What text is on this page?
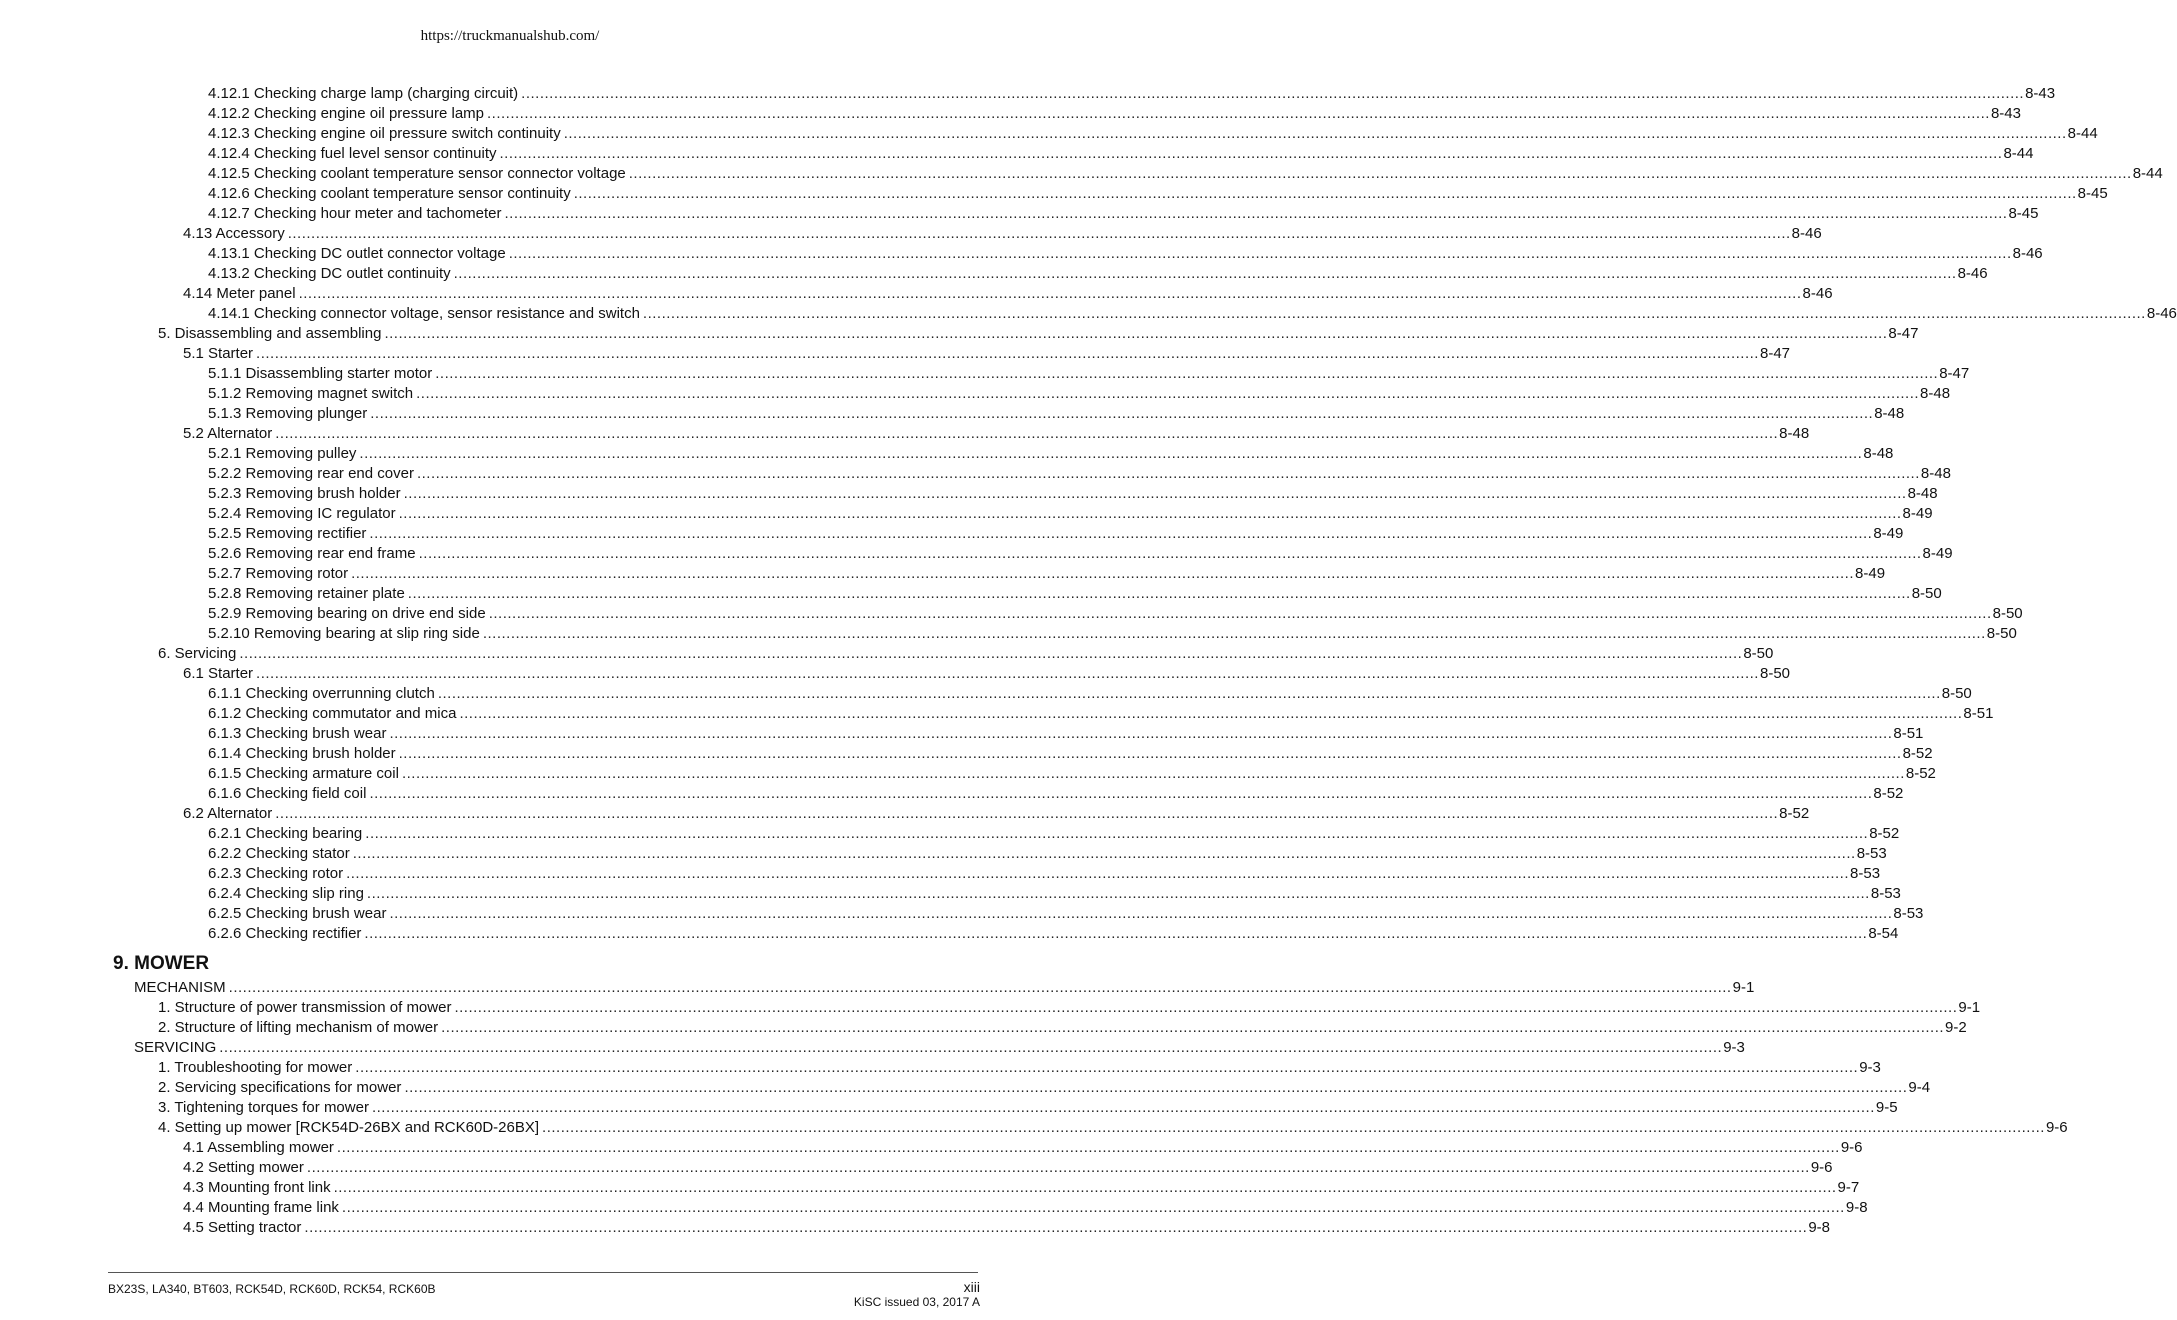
https://truckmanualshub.com/
4.12.1 Checking charge lamp (charging circuit) .....	8-43
4.12.2 Checking engine oil pressure lamp .....	8-43
4.12.3 Checking engine oil pressure switch continuity .....	8-44
4.12.4 Checking fuel level sensor continuity .....	8-44
4.12.5 Checking coolant temperature sensor connector voltage .....	8-44
4.12.6 Checking coolant temperature sensor continuity .....	8-45
4.12.7 Checking hour meter and tachometer .....	8-45
4.13 Accessory .....	8-46
4.13.1 Checking DC outlet connector voltage .....	8-46
4.13.2 Checking DC outlet continuity .....	8-46
4.14 Meter panel .....	8-46
4.14.1 Checking connector voltage, sensor resistance and switch .....	8-46
5. Disassembling and assembling .....	8-47
5.1 Starter .....	8-47
5.1.1 Disassembling starter motor .....	8-47
5.1.2 Removing magnet switch .....	8-48
5.1.3 Removing plunger .....	8-48
5.2 Alternator .....	8-48
5.2.1 Removing pulley .....	8-48
5.2.2 Removing rear end cover .....	8-48
5.2.3 Removing brush holder .....	8-48
5.2.4 Removing IC regulator .....	8-49
5.2.5 Removing rectifier .....	8-49
5.2.6 Removing rear end frame .....	8-49
5.2.7 Removing rotor .....	8-49
5.2.8 Removing retainer plate .....	8-50
5.2.9 Removing bearing on drive end side .....	8-50
5.2.10 Removing bearing at slip ring side .....	8-50
6. Servicing .....	8-50
6.1 Starter .....	8-50
6.1.1 Checking overrunning clutch .....	8-50
6.1.2 Checking commutator and mica .....	8-51
6.1.3 Checking brush wear .....	8-51
6.1.4 Checking brush holder .....	8-52
6.1.5 Checking armature coil .....	8-52
6.1.6 Checking field coil .....	8-52
6.2 Alternator .....	8-52
6.2.1 Checking bearing .....	8-52
6.2.2 Checking stator .....	8-53
6.2.3 Checking rotor .....	8-53
6.2.4 Checking slip ring .....	8-53
6.2.5 Checking brush wear .....	8-53
6.2.6 Checking rectifier .....	8-54
9. MOWER
MECHANISM .....	9-1
1. Structure of power transmission of mower .....	9-1
2. Structure of lifting mechanism of mower .....	9-2
SERVICING .....	9-3
1. Troubleshooting for mower .....	9-3
2. Servicing specifications for mower .....	9-4
3. Tightening torques for mower .....	9-5
4. Setting up mower [RCK54D-26BX and RCK60D-26BX] .....	9-6
4.1 Assembling mower .....	9-6
4.2 Setting mower .....	9-6
4.3 Mounting front link .....	9-7
4.4 Mounting frame link .....	9-8
4.5 Setting tractor .....	9-8
BX23S, LA340, BT603, RCK54D, RCK60D, RCK54, RCK60B	xiii
KiSC issued 03, 2017 A
